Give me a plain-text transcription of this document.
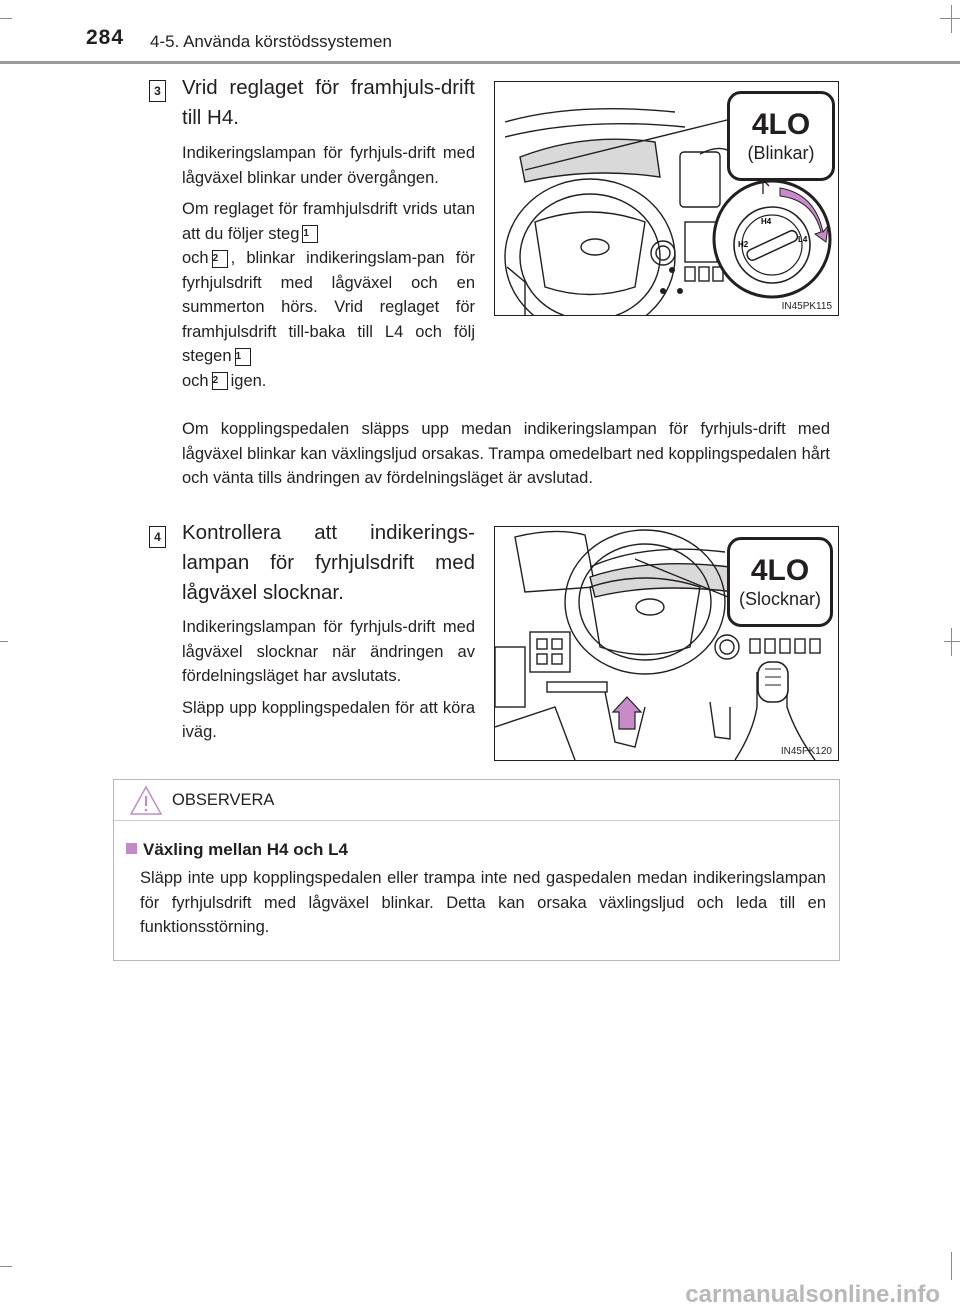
284 4-5. Använda körstödssystemen
3 Vrid reglaget för framhjuls-drift till H4.

Indikeringslampan för fyrhjuls-drift med lågväxel blinkar under övergången.

Om reglaget för framhjulsdrift vrids utan att du följer steg 1
och 2 , blinkar indikeringslam-pan för fyrhjulsdrift med lågväxel och en summerton hörs. Vrid reglaget för framhjulsdrift till-baka till L4 och följ stegen 1
och 2 igen.

Om kopplingspedalen släpps upp medan indikeringslampan för fyrhjuls-drift med lågväxel blinkar kan växlingsljud orsakas. Trampa omedelbart ned kopplingspedalen hårt och vänta tills ändringen av fördelningsläget är avslutad.
H4
H2
L4
4LO
(Blinkar)
IN45PK115
4 Kontrollera att indikerings-lampan för fyrhjulsdrift med lågväxel slocknar.

Indikeringslampan för fyrhjuls-drift med lågväxel slocknar när ändringen av fördelningsläget har avslutats.

Släpp upp kopplingspedalen för att köra iväg.

4LO
(Slocknar)
IN45PK120
OBSERVERA
Växling mellan H4 och L4
Släpp inte upp kopplingspedalen eller trampa inte ned gaspedalen medan indikeringslampan för fyrhjulsdrift med lågväxel blinkar. Detta kan orsaka växlingsljud och leda till en funktionsstörning.
carmanualsonline.info
